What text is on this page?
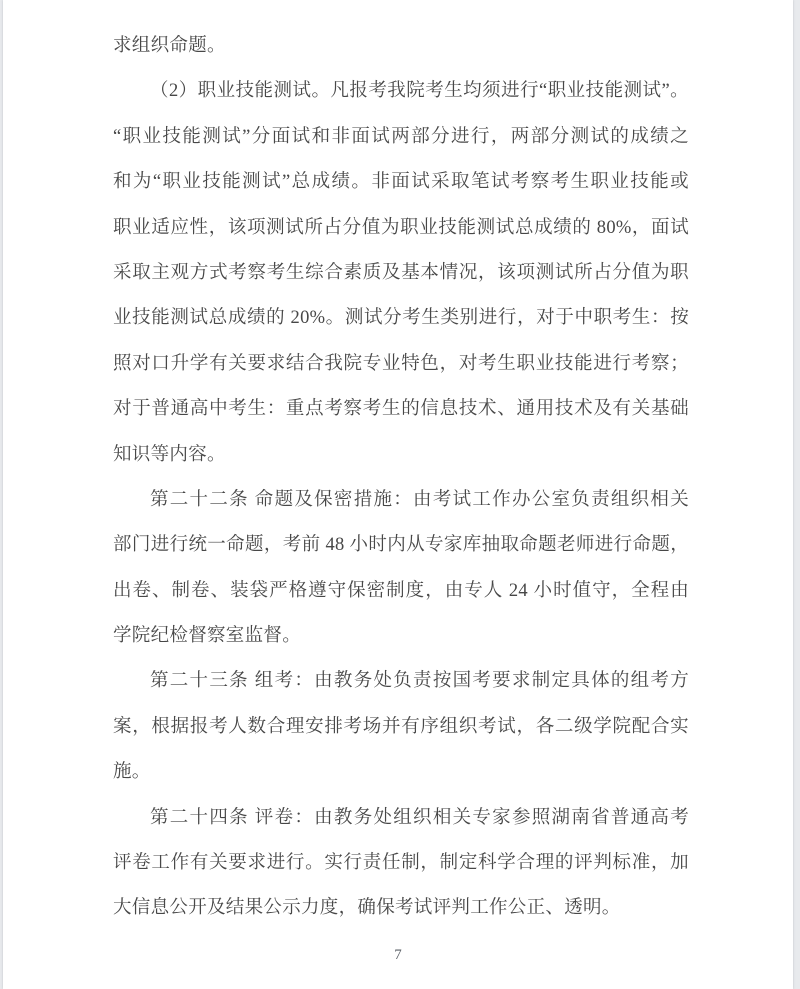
求组织命题。
（2）职业技能测试。凡报考我院考生均须进行“职业技能测试”。
“职业技能测试”分面试和非面试两部分进行，两部分测试的成绩之
和为“职业技能测试”总成绩。非面试采取笔试考察考生职业技能或
职业适应性，该项测试所占分值为职业技能测试总成绩的 80%，面试
采取主观方式考察考生综合素质及基本情况，该项测试所占分值为职
业技能测试总成绩的 20%。测试分考生类别进行，对于中职考生：按
照对口升学有关要求结合我院专业特色，对考生职业技能进行考察；
对于普通高中考生：重点考察考生的信息技术、通用技术及有关基础
知识等内容。
第二十二条 命题及保密措施：由考试工作办公室负责组织相关
部门进行统一命题，考前 48 小时内从专家库抽取命题老师进行命题，
出卷、制卷、装袋严格遵守保密制度，由专人 24 小时值守，全程由
学院纪检督察室监督。
第二十三条 组考：由教务处负责按国考要求制定具体的组考方
案，根据报考人数合理安排考场并有序组织考试，各二级学院配合实
施。
第二十四条 评卷：由教务处组织相关专家参照湖南省普通高考
评卷工作有关要求进行。实行责任制，制定科学合理的评判标准，加
大信息公开及结果公示力度，确保考试评判工作公正、透明。
7
